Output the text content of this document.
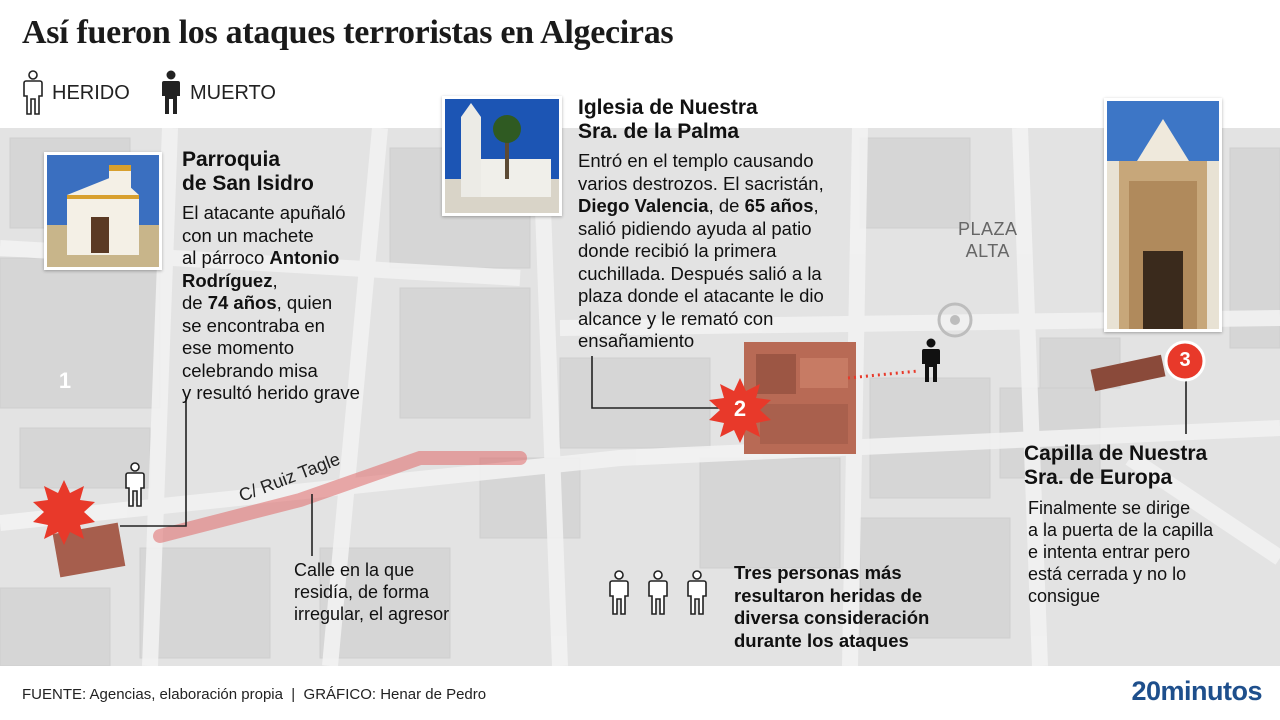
Así fueron los ataques terroristas en Algeciras
HERIDO	MUERTO
1
2
3
Parroquia
de San Isidro
El atacante apuñaló
con un machete
al párroco Antonio
Rodríguez,
de 74 años, quien
se encontraba en
ese momento
celebrando misa
y resultó herido grave
Iglesia de Nuestra
Sra. de la Palma
Entró en el templo causando
varios destrozos. El sacristán,
Diego Valencia, de 65 años,
salió pidiendo ayuda al patio
donde recibió la primera
cuchillada. Después salió a la
plaza donde el atacante le dio
alcance y le remató con
ensañamiento
Capilla de Nuestra
Sra. de Europa
Finalmente se dirige
a la puerta de la capilla
e intenta entrar pero
está cerrada y no lo
consigue
Calle en la que
residía, de forma
irregular, el agresor
Tres personas más
resultaron heridas de
diversa consideración
durante los ataques
PLAZA
ALTA
C/ Ruiz Tagle
FUENTE: Agencias, elaboración propia  |  GRÁFICO: Henar de Pedro	20minutos
